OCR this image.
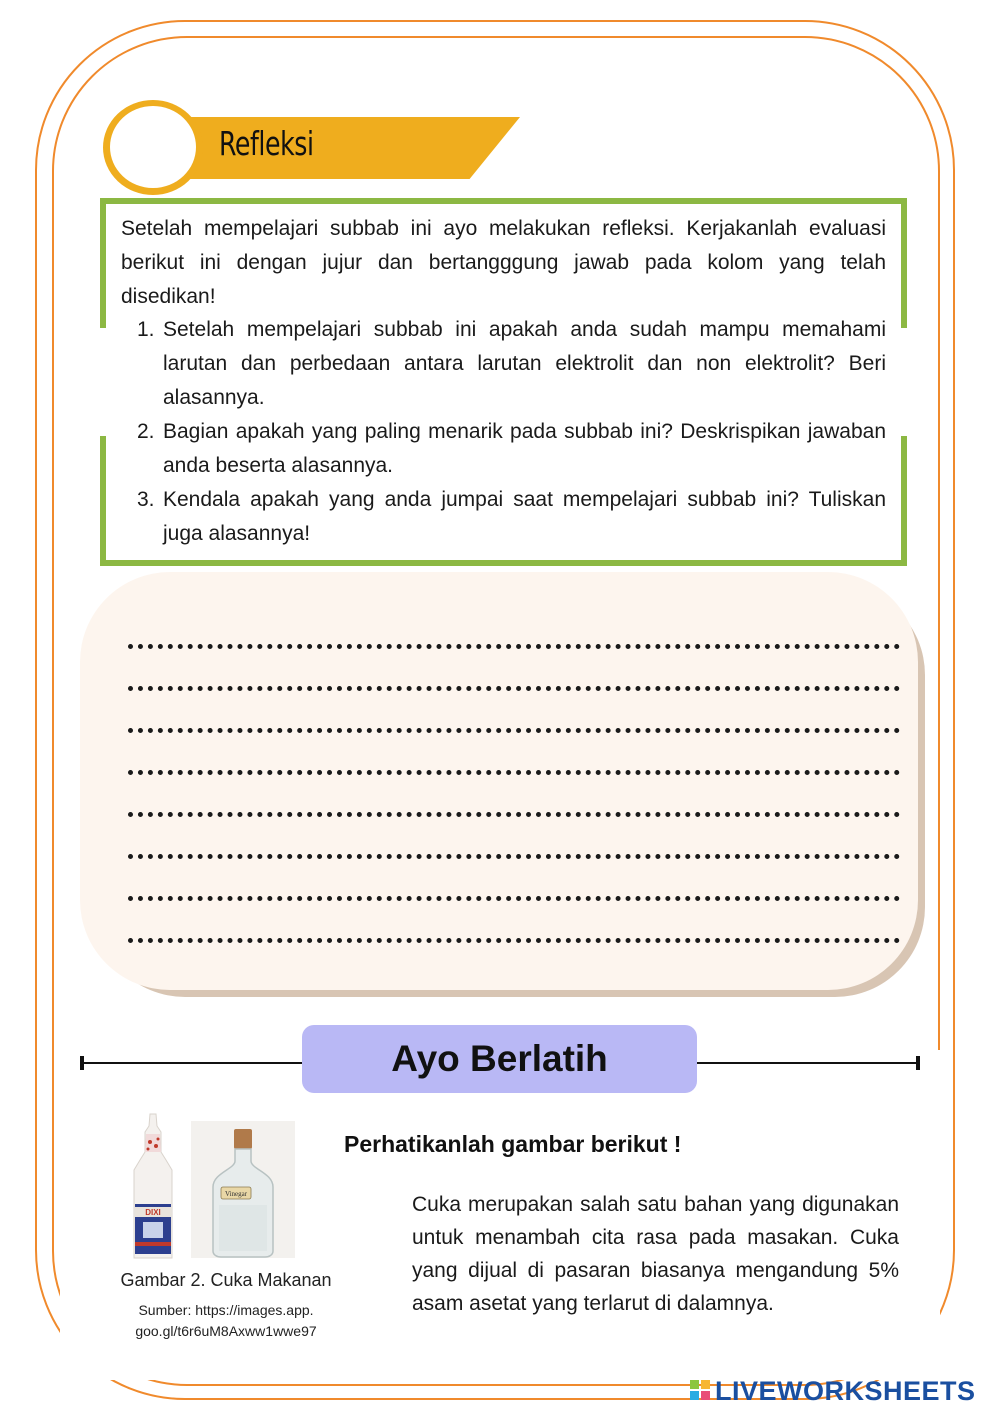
Refleksi
Setelah mempelajari subbab ini ayo melakukan refleksi. Kerjakanlah evaluasi berikut ini dengan jujur dan bertangggung jawab pada kolom yang telah disedikan!
1. Setelah mempelajari subbab ini apakah anda sudah mampu memahami larutan dan perbedaan antara larutan elektrolit dan non elektrolit? Beri alasannya.
2. Bagian apakah yang paling menarik pada subbab ini? Deskrispikan jawaban anda beserta alasannya.
3. Kendala apakah yang anda jumpai saat mempelajari subbab ini? Tuliskan juga alasannya!
Ayo Berlatih
DIXI
Vinegar
Gambar 2. Cuka Makanan
Sumber: https://images.app.
goo.gl/t6r6uM8Axww1wwe97
Perhatikanlah gambar berikut !
Cuka merupakan salah satu bahan yang digunakan untuk menambah cita rasa pada masakan. Cuka yang dijual di pasaran biasanya mengandung 5% asam asetat yang terlarut di dalamnya.
LIVEWORKSHEETS
